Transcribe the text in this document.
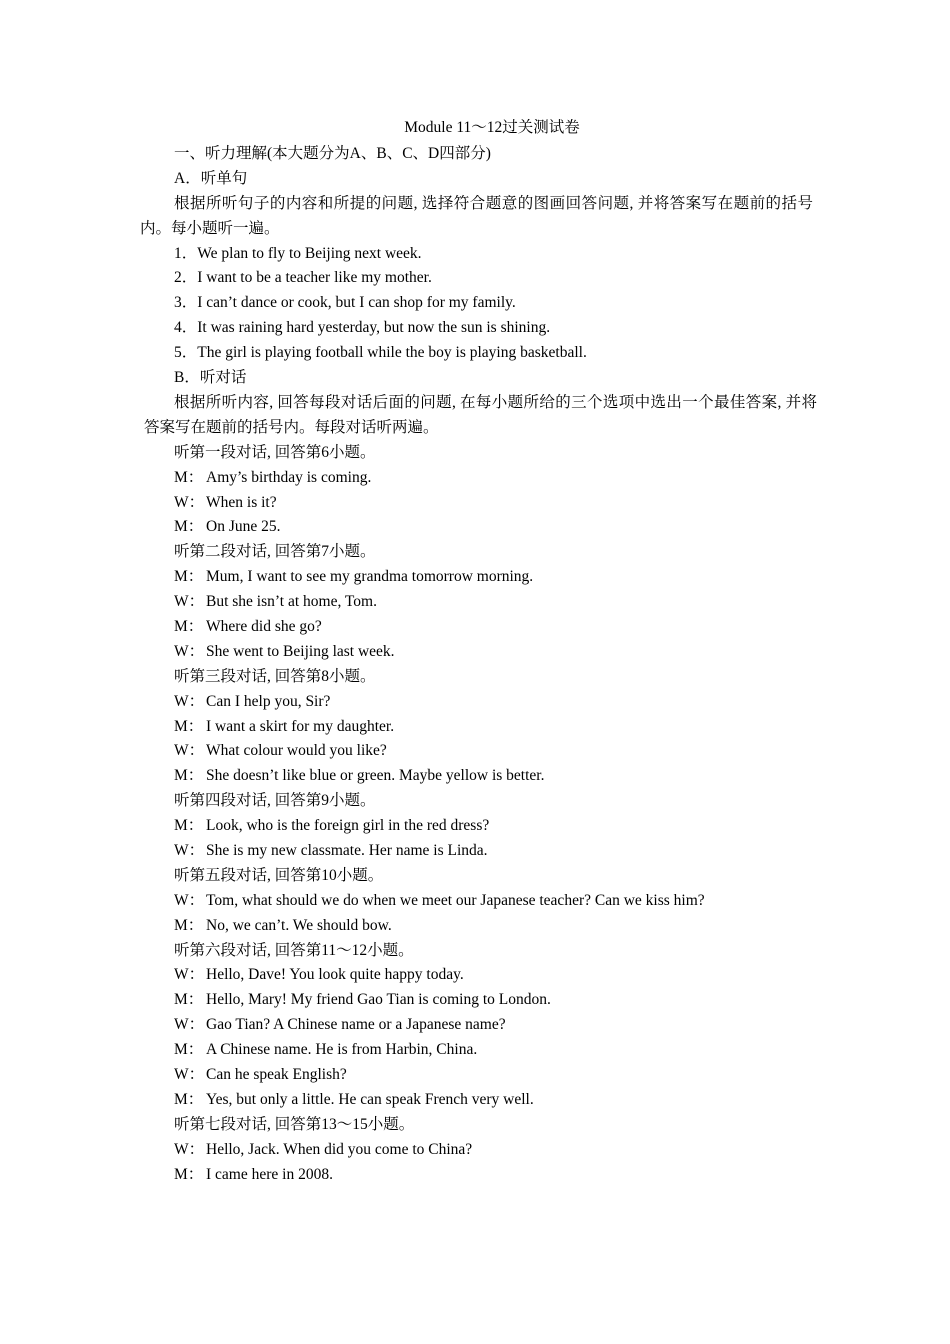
Module 11～12过关测试卷
一、听力理解(本大题分为A、B、C、D四部分)
A．听单句
根据所听句子的内容和所提的问题, 选择符合题意的图画回答问题, 并将答案写在题前的括号内。每小题听一遍。
1．We plan to fly to Beijing next week.
2．I want to be a teacher like my mother.
3．I can’t dance or cook, but I can shop for my family.
4．It was raining hard yesterday, but now the sun is shining.
5．The girl is playing football while the boy is playing basketball.
B．听对话
根据所听内容, 回答每段对话后面的问题, 在每小题所给的三个选项中选出一个最佳答案, 并将答案写在题前的括号内。每段对话听两遍。
听第一段对话, 回答第6小题。
M： Amy’s birthday is coming.
W： When is it?
M： On June 25.
听第二段对话, 回答第7小题。
M： Mum, I want to see my grandma tomorrow morning.
W： But she isn’t at home, Tom.
M： Where did she go?
W： She went to Beijing last week.
听第三段对话, 回答第8小题。
W： Can I help you, Sir?
M： I want a skirt for my daughter.
W： What colour would you like?
M： She doesn’t like blue or green. Maybe yellow is better.
听第四段对话, 回答第9小题。
M： Look, who is the foreign girl in the red dress?
W： She is my new classmate. Her name is Linda.
听第五段对话, 回答第10小题。
W： Tom, what should we do when we meet our Japanese teacher? Can we kiss him?
M： No, we can’t. We should bow.
听第六段对话, 回答第11～12小题。
W： Hello, Dave! You look quite happy today.
M： Hello, Mary! My friend Gao Tian is coming to London.
W： Gao Tian? A Chinese name or a Japanese name?
M： A Chinese name. He is from Harbin, China.
W： Can he speak English?
M： Yes, but only a little. He can speak French very well.
听第七段对话, 回答第13～15小题。
W： Hello, Jack. When did you come to China?
M： I came here in 2008.
